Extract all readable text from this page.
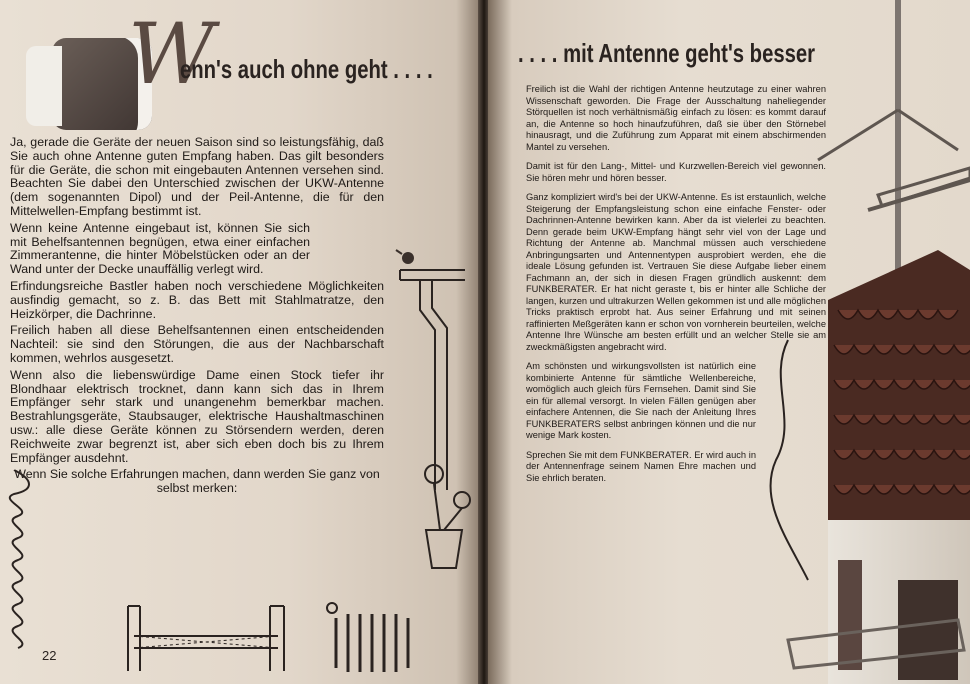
W
enn's auch ohne geht . . . .

Ja, gerade die Geräte der neuen Saison sind so leistungsfähig, daß Sie auch ohne Antenne guten Empfang haben. Das gilt besonders für die Geräte, die schon mit eingebauten Antennen versehen sind. Beachten Sie dabei den Unterschied zwischen der UKW-Antenne (dem sogenannten Dipol) und der Peil-Antenne, die für den Mittelwellen-Empfang bestimmt ist.

Wenn keine Antenne eingebaut ist, können Sie sich mit Behelfsantennen begnügen, etwa einer einfachen Zimmerantenne, die hinter Möbelstücken oder an der Wand unter der Decke unauffällig verlegt wird.

Erfindungsreiche Bastler haben noch verschiedene Möglichkeiten ausfindig gemacht, so z. B. das Bett mit Stahlmatratze, den Heizkörper, die Dachrinne.

Freilich haben all diese Behelfsantennen einen entscheidenden Nachteil: sie sind den Störungen, die aus der Nachbarschaft kommen, wehrlos ausgesetzt.

Wenn also die liebenswürdige Dame einen Stock tiefer ihr Blondhaar elektrisch trocknet, dann kann sich das in Ihrem Empfänger sehr stark und unangenehm bemerkbar machen. Bestrahlungsgeräte, Staubsauger, elektrische Haushaltmaschinen usw.: alle diese Geräte können zu Störsendern werden, deren Reichweite zwar begrenzt ist, aber sich eben doch bis zu Ihrem Empfänger ausdehnt.

Wenn Sie solche Erfahrungen machen, dann werden Sie ganz von selbst merken:

22
. . . . mit Antenne geht's besser

Freilich ist die Wahl der richtigen Antenne heutzutage zu einer wahren Wissenschaft geworden. Die Frage der Ausschaltung naheliegender Störquellen ist noch verhältnismäßig einfach zu lösen: es kommt darauf an, die Antenne so hoch hinaufzuführen, daß sie über den Störnebel hinausragt, und die Zuführung zum Apparat mit einem abschirmenden Mantel zu versehen.

Damit ist für den Lang-, Mittel- und Kurzwellen-Bereich viel gewonnen. Sie hören mehr und hören besser.

Ganz kompliziert wird's bei der UKW-Antenne. Es ist erstaunlich, welche Steigerung der Empfangsleistung schon eine einfache Fenster- oder Dachrinnen-Antenne bewirken kann. Aber da ist vielerlei zu beachten. Denn gerade beim UKW-Empfang hängt sehr viel von der Lage und Richtung der Antenne ab. Manchmal müssen auch verschiedene Anbringungsarten und Antennentypen ausprobiert werden, ehe die ideale Lösung gefunden ist. Vertrauen Sie diese Aufgabe lieber einem Fachmann an, der sich in diesen Fragen gründlich auskennt: dem FUNKBERATER. Er hat nicht geraste t, bis er hinter alle Schliche der langen, kurzen und ultrakurzen Wellen gekommen ist und alle möglichen Tricks praktisch erprobt hat. Aus seiner Erfahrung und mit seinen raffinierten Meßgeräten kann er schon von vornherein beurteilen, welche Antenne Ihre Wünsche am besten erfüllt und an welcher Stelle sie am zweckmäßigsten angebracht wird.

Am schönsten und wirkungsvollsten ist natürlich eine kombinierte Antenne für sämtliche Wellenbereiche, womöglich auch gleich fürs Fernsehen. Damit sind Sie ein für allemal versorgt. In vielen Fällen genügen aber einfachere Antennen, die Sie nach der Anleitung Ihres FUNKBERATERS selbst anbringen können und die nur wenige Mark kosten.

Sprechen Sie mit dem FUNKBERATER. Er wird auch in der Antennenfrage seinem Namen Ehre machen und Sie ehrlich beraten.
